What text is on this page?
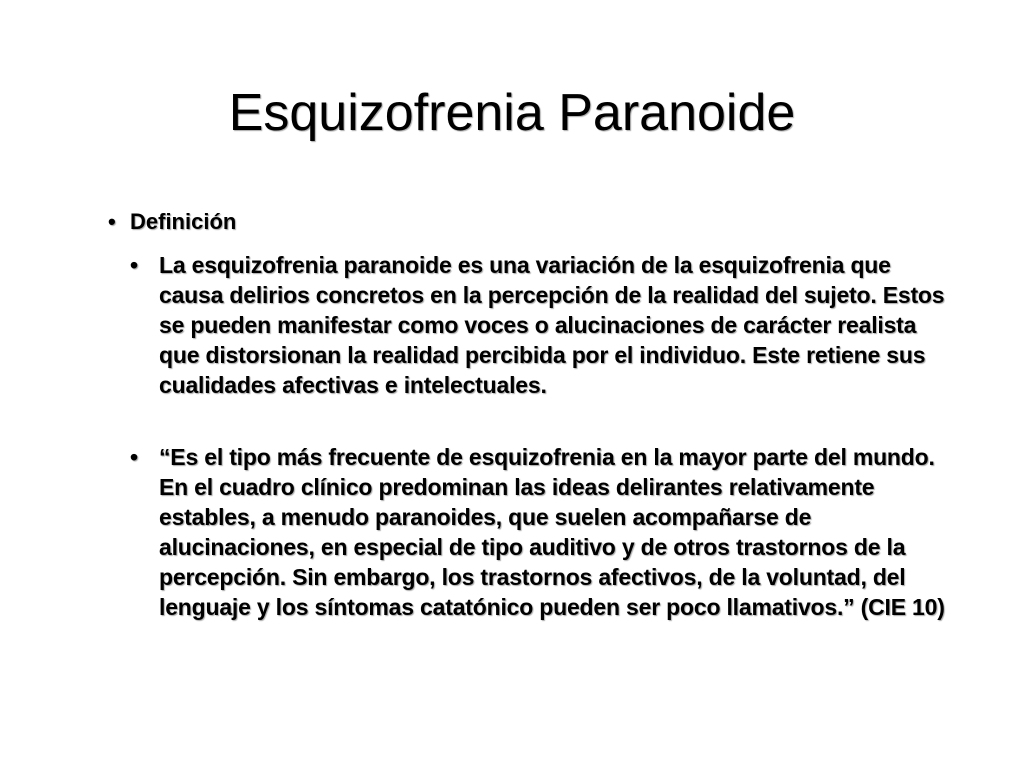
Esquizofrenia Paranoide
• Definición
• La esquizofrenia paranoide es una variación de la esquizofrenia que causa delirios concretos en la percepción de la realidad del sujeto. Estos se pueden manifestar como voces o alucinaciones de carácter realista que distorsionan la realidad percibida por el individuo. Este retiene sus cualidades afectivas e intelectuales.
• “Es el tipo más frecuente de esquizofrenia en la mayor parte del mundo. En el cuadro clínico predominan las ideas delirantes relativamente estables, a menudo paranoides, que suelen acompañarse de alucinaciones, en especial de tipo auditivo y de otros trastornos de la percepción. Sin embargo, los trastornos afectivos, de la voluntad, del lenguaje y los síntomas catatónico pueden ser poco llamativos.” (CIE 10)
